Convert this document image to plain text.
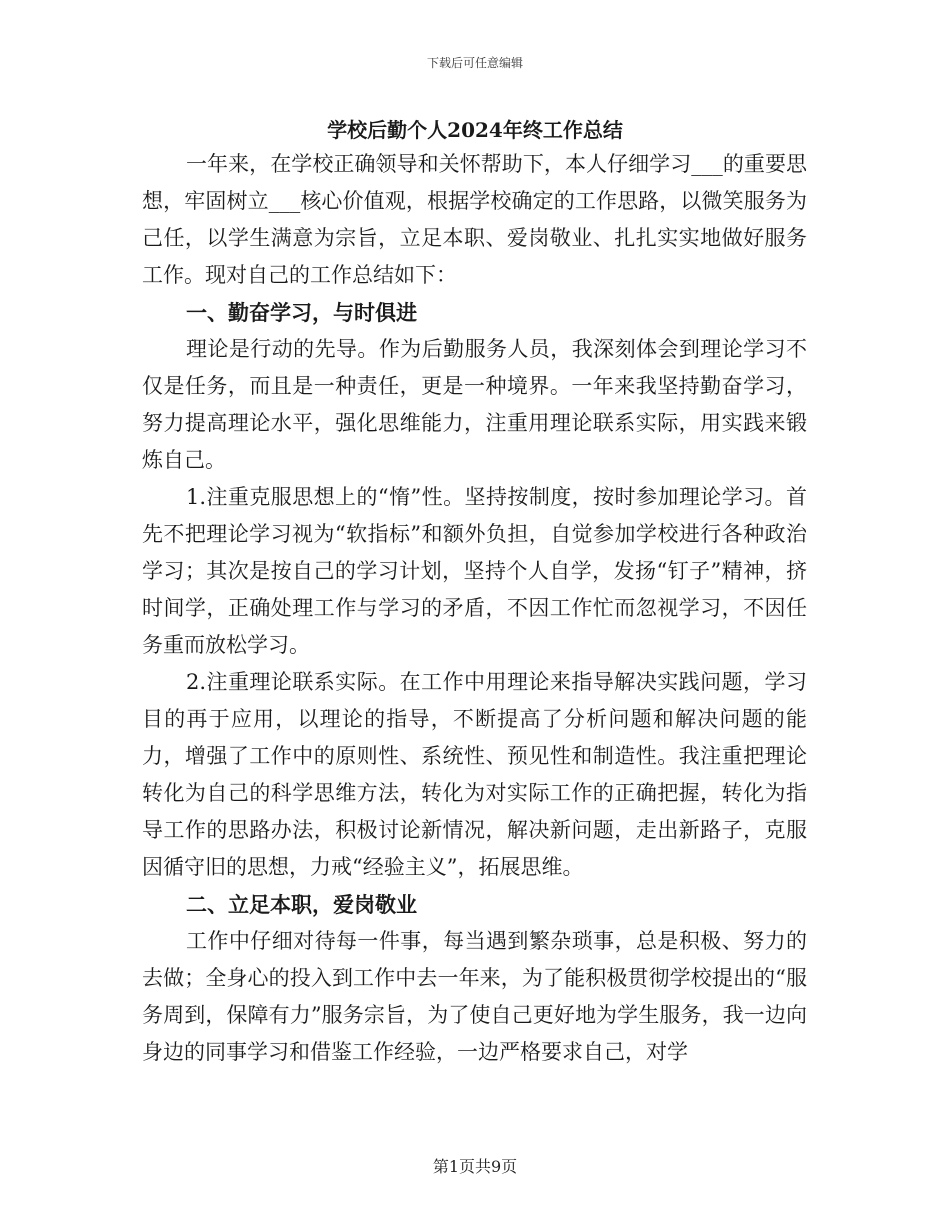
下载后可任意编辑
学校后勤个人2024年终工作总结

一年来，在学校正确领导和关怀帮助下，本人仔细学习___的重要思想，牢固树立___核心价值观，根据学校确定的工作思路，以微笑服务为己任，以学生满意为宗旨，立足本职、爱岗敬业、扎扎实实地做好服务工作。现对自己的工作总结如下：

一、勤奋学习，与时俱进

理论是行动的先导。作为后勤服务人员，我深刻体会到理论学习不仅是任务，而且是一种责任，更是一种境界。一年来我坚持勤奋学习，努力提高理论水平，强化思维能力，注重用理论联系实际，用实践来锻炼自己。

1.注重克服思想上的“惰”性。坚持按制度，按时参加理论学习。首先不把理论学习视为“软指标”和额外负担，自觉参加学校进行各种政治学习；其次是按自己的学习计划，坚持个人自学，发扬“钉子”精神，挤时间学，正确处理工作与学习的矛盾，不因工作忙而忽视学习，不因任务重而放松学习。

2.注重理论联系实际。在工作中用理论来指导解决实践问题，学习目的再于应用，以理论的指导，不断提高了分析问题和解决问题的能力，增强了工作中的原则性、系统性、预见性和制造性。我注重把理论转化为自己的科学思维方法，转化为对实际工作的正确把握，转化为指导工作的思路办法，积极讨论新情况，解决新问题，走出新路子，克服因循守旧的思想，力戒“经验主义”，拓展思维。

二、立足本职，爱岗敬业

工作中仔细对待每一件事，每当遇到繁杂琐事，总是积极、努力的去做；全身心的投入到工作中去一年来，为了能积极贯彻学校提出的“服务周到，保障有力”服务宗旨，为了使自己更好地为学生服务，我一边向身边的同事学习和借鉴工作经验，一边严格要求自己，对学

第1页共9页
